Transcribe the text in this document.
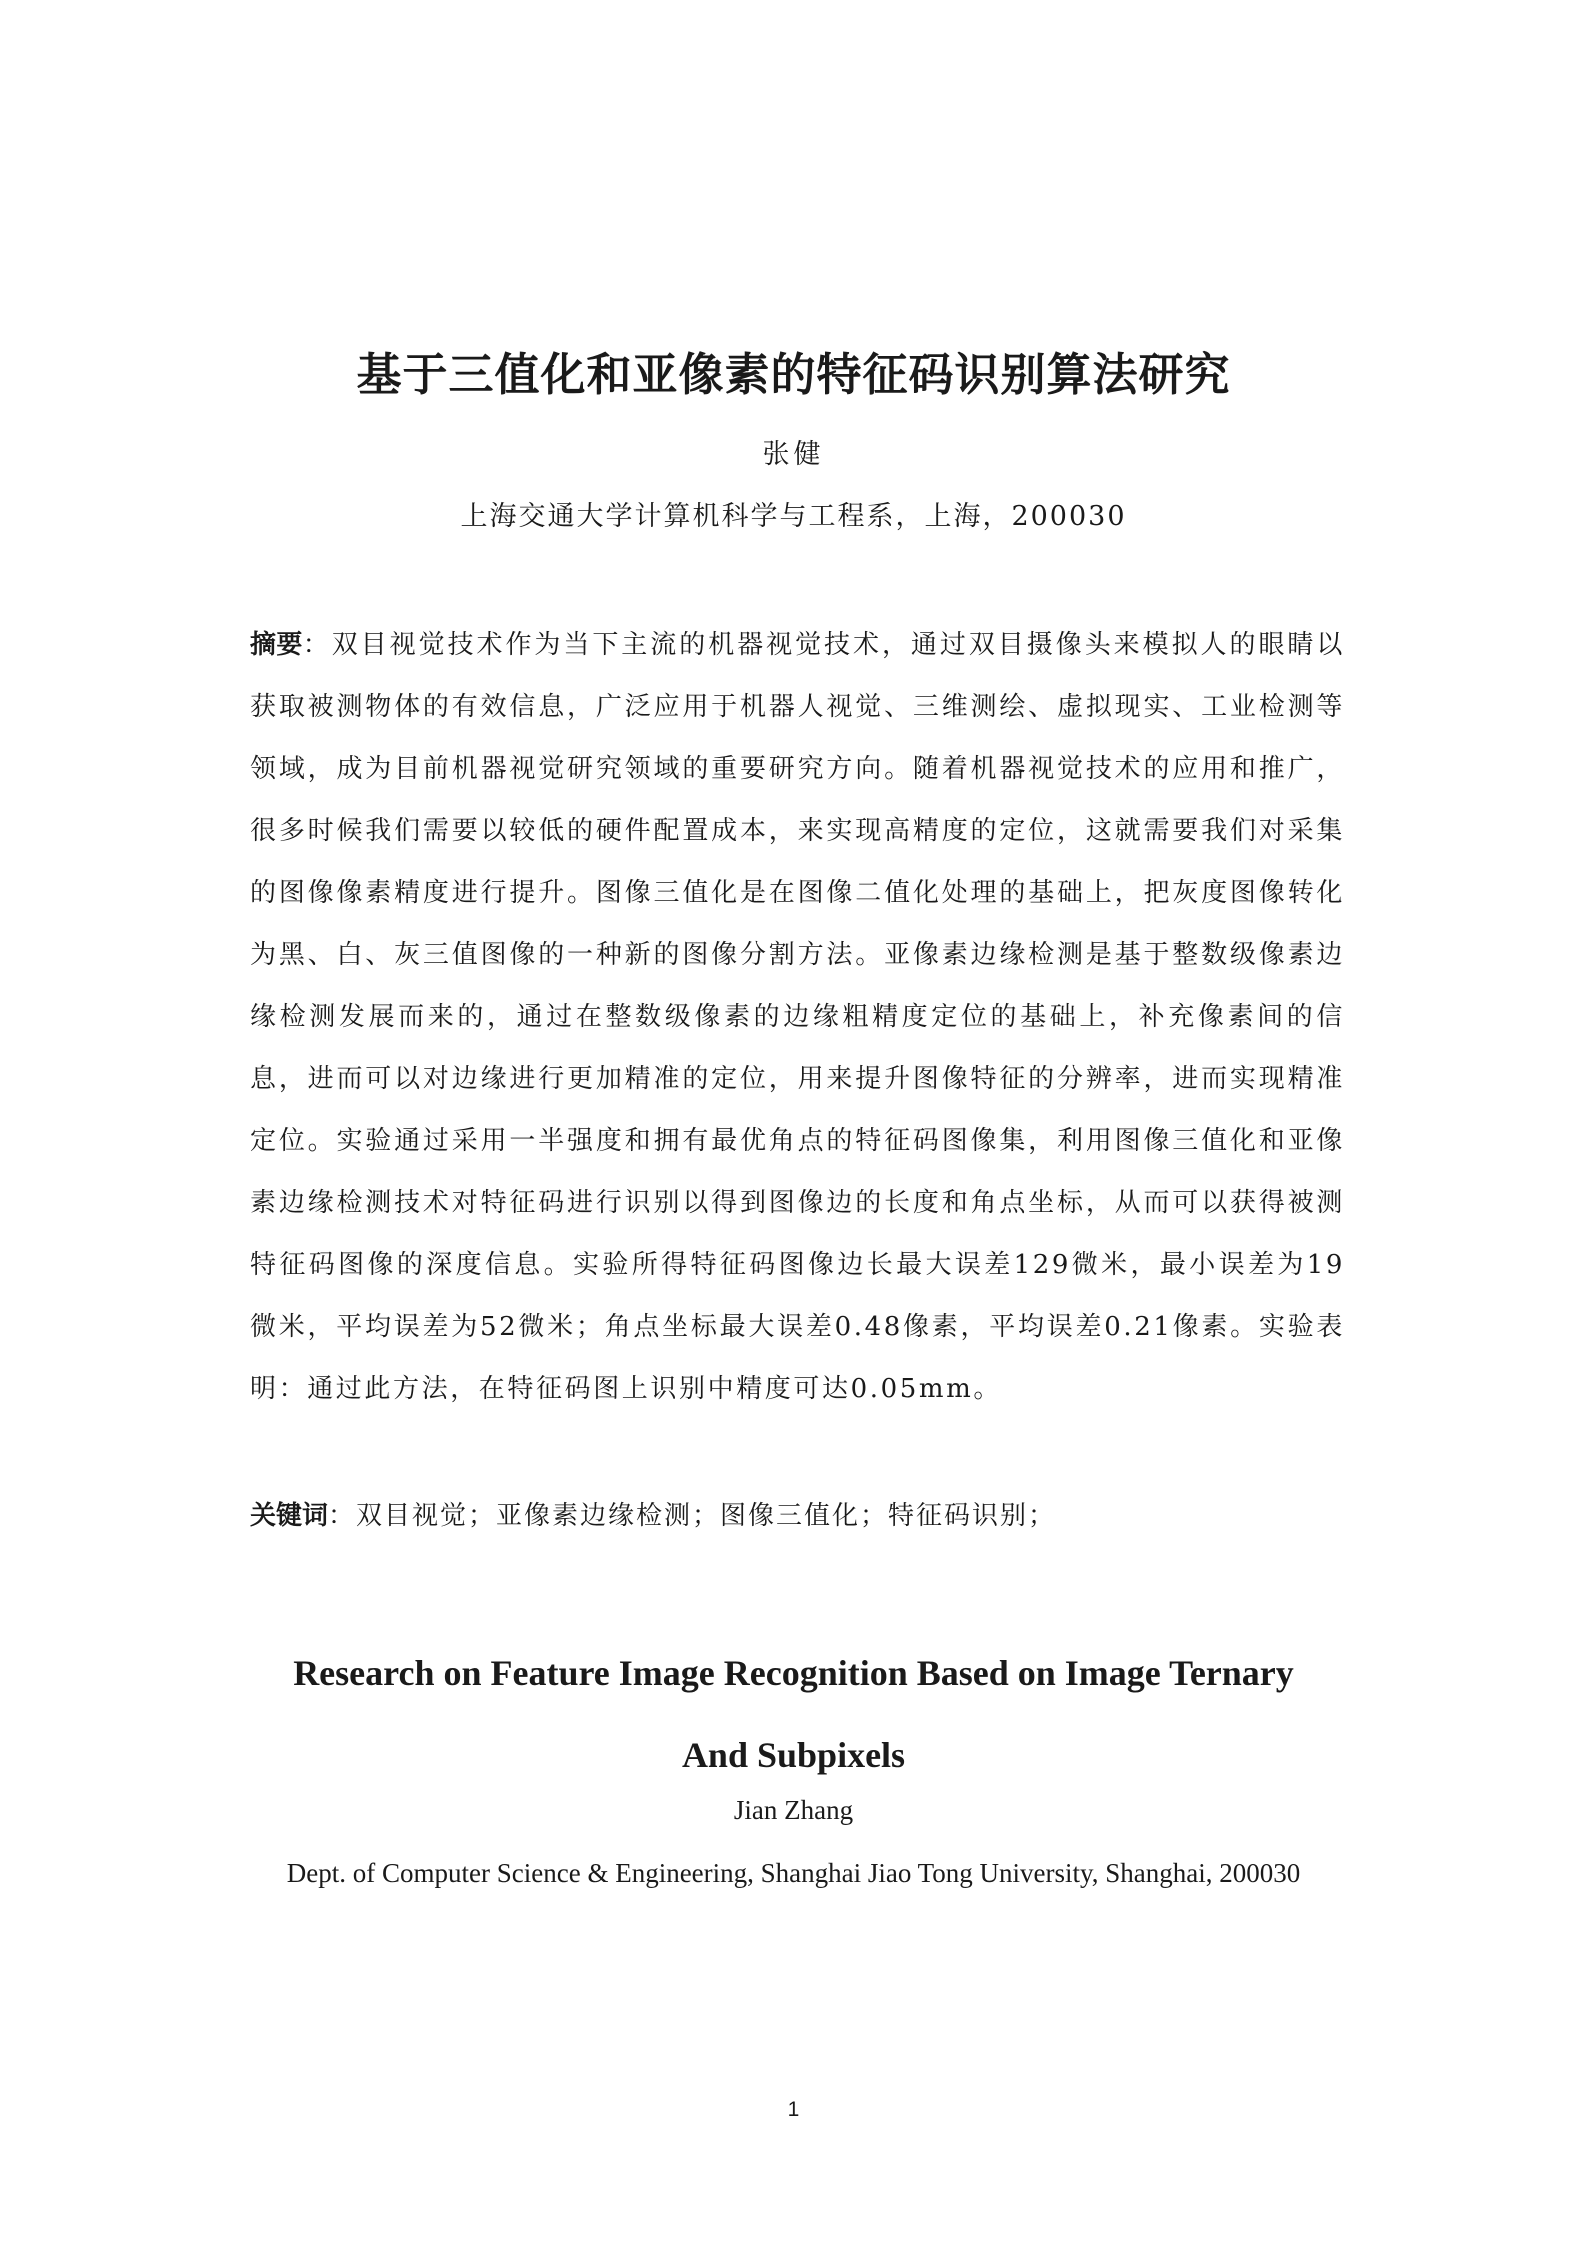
基于三值化和亚像素的特征码识别算法研究
张健
上海交通大学计算机科学与工程系，上海，200030
摘要：双目视觉技术作为当下主流的机器视觉技术，通过双目摄像头来模拟人的眼睛以获取被测物体的有效信息，广泛应用于机器人视觉、三维测绘、虚拟现实、工业检测等领域，成为目前机器视觉研究领域的重要研究方向。随着机器视觉技术的应用和推广，很多时候我们需要以较低的硬件配置成本，来实现高精度的定位，这就需要我们对采集的图像像素精度进行提升。图像三值化是在图像二值化处理的基础上，把灰度图像转化为黑、白、灰三值图像的一种新的图像分割方法。亚像素边缘检测是基于整数级像素边缘检测发展而来的，通过在整数级像素的边缘粗精度定位的基础上，补充像素间的信息，进而可以对边缘进行更加精准的定位，用来提升图像特征的分辨率，进而实现精准定位。实验通过采用一半强度和拥有最优角点的特征码图像集，利用图像三值化和亚像素边缘检测技术对特征码进行识别以得到图像边的长度和角点坐标，从而可以获得被测特征码图像的深度信息。实验所得特征码图像边长最大误差129微米，最小误差为19微米，平均误差为52微米；角点坐标最大误差0.48像素，平均误差0.21像素。实验表明：通过此方法，在特征码图上识别中精度可达0.05mm。
关键词：双目视觉；亚像素边缘检测；图像三值化；特征码识别；
Research on Feature Image Recognition Based on Image Ternary
And Subpixels
Jian Zhang
Dept. of Computer Science & Engineering, Shanghai Jiao Tong University, Shanghai, 200030
1
